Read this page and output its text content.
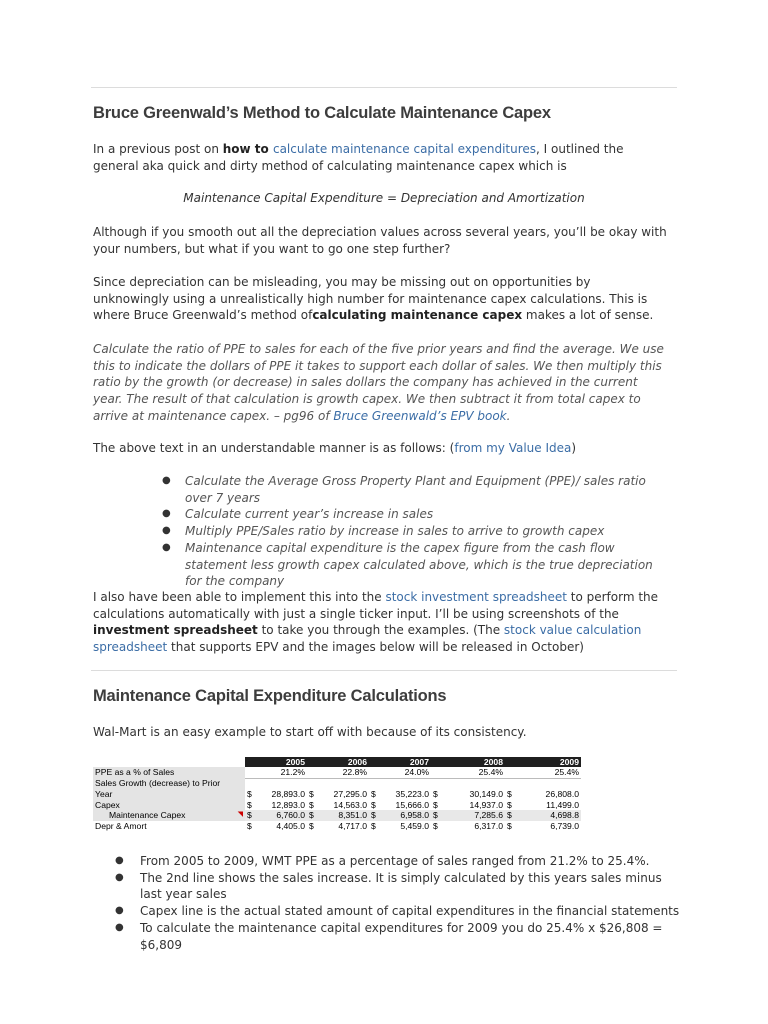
Bruce Greenwald’s Method to Calculate Maintenance Capex

In a previous post on how to calculate maintenance capital expenditures, I outlined the general aka quick and dirty method of calculating maintenance capex which is

Maintenance Capital Expenditure = Depreciation and Amortization

Although if you smooth out all the depreciation values across several years, you’ll be okay with your numbers, but what if you want to go one step further?

Since depreciation can be misleading, you may be missing out on opportunities by unknowingly using a unrealistically high number for maintenance capex calculations. This is where Bruce Greenwald’s method ofcalculating maintenance capex makes a lot of sense.

Calculate the ratio of PPE to sales for each of the five prior years and find the average. We use this to indicate the dollars of PPE it takes to support each dollar of sales. We then multiply this ratio by the growth (or decrease) in sales dollars the company has achieved in the current year. The result of that calculation is growth capex. We then subtract it from total capex to arrive at maintenance capex. – pg96 of Bruce Greenwald’s EPV book.

The above text in an understandable manner is as follows: (from my Value Idea)

● Calculate the Average Gross Property Plant and Equipment (PPE)/ sales ratio over 7 years
● Calculate current year’s increase in sales
● Multiply PPE/Sales ratio by increase in sales to arrive to growth capex
● Maintenance capital expenditure is the capex figure from the cash flow statement less growth capex calculated above, which is the true depreciation for the company

I also have been able to implement this into the stock investment spreadsheet to perform the calculations automatically with just a single ticker input. I’ll be using screenshots of the investment spreadsheet to take you through the examples. (The stock value calculation spreadsheet that supports EPV and the images below will be released in October)

Maintenance Capital Expenditure Calculations

Wal-Mart is an easy example to start off with because of its consistency.

	2005		2006		2007		2008		2009	
PPE as a % of Sales	21.2%		22.8%		24.0%		25.4%		25.4%	
Sales Growth (decrease) to Prior										
Year	$	28,893.0	$	27,295.0	$	35,223.0	$	30,149.0	$	26,808.0
Capex	$	12,893.0	$	14,563.0	$	15,666.0	$	14,937.0	$	11,499.0
Maintenance Capex ◥	$	6,760.0	$	8,351.0	$	6,958.0	$	7,285.6	$	4,698.8
Depr & Amort	$	4,405.0	$	4,717.0	$	5,459.0	$	6,317.0	$	6,739.0
● From 2005 to 2009, WMT PPE as a percentage of sales ranged from 21.2% to 25.4%.
● The 2nd line shows the sales increase. It is simply calculated by this years sales minus last year sales
● Capex line is the actual stated amount of capital expenditures in the financial statements
● To calculate the maintenance capital expenditures for 2009 you do 25.4% x $26,808 = $6,809
